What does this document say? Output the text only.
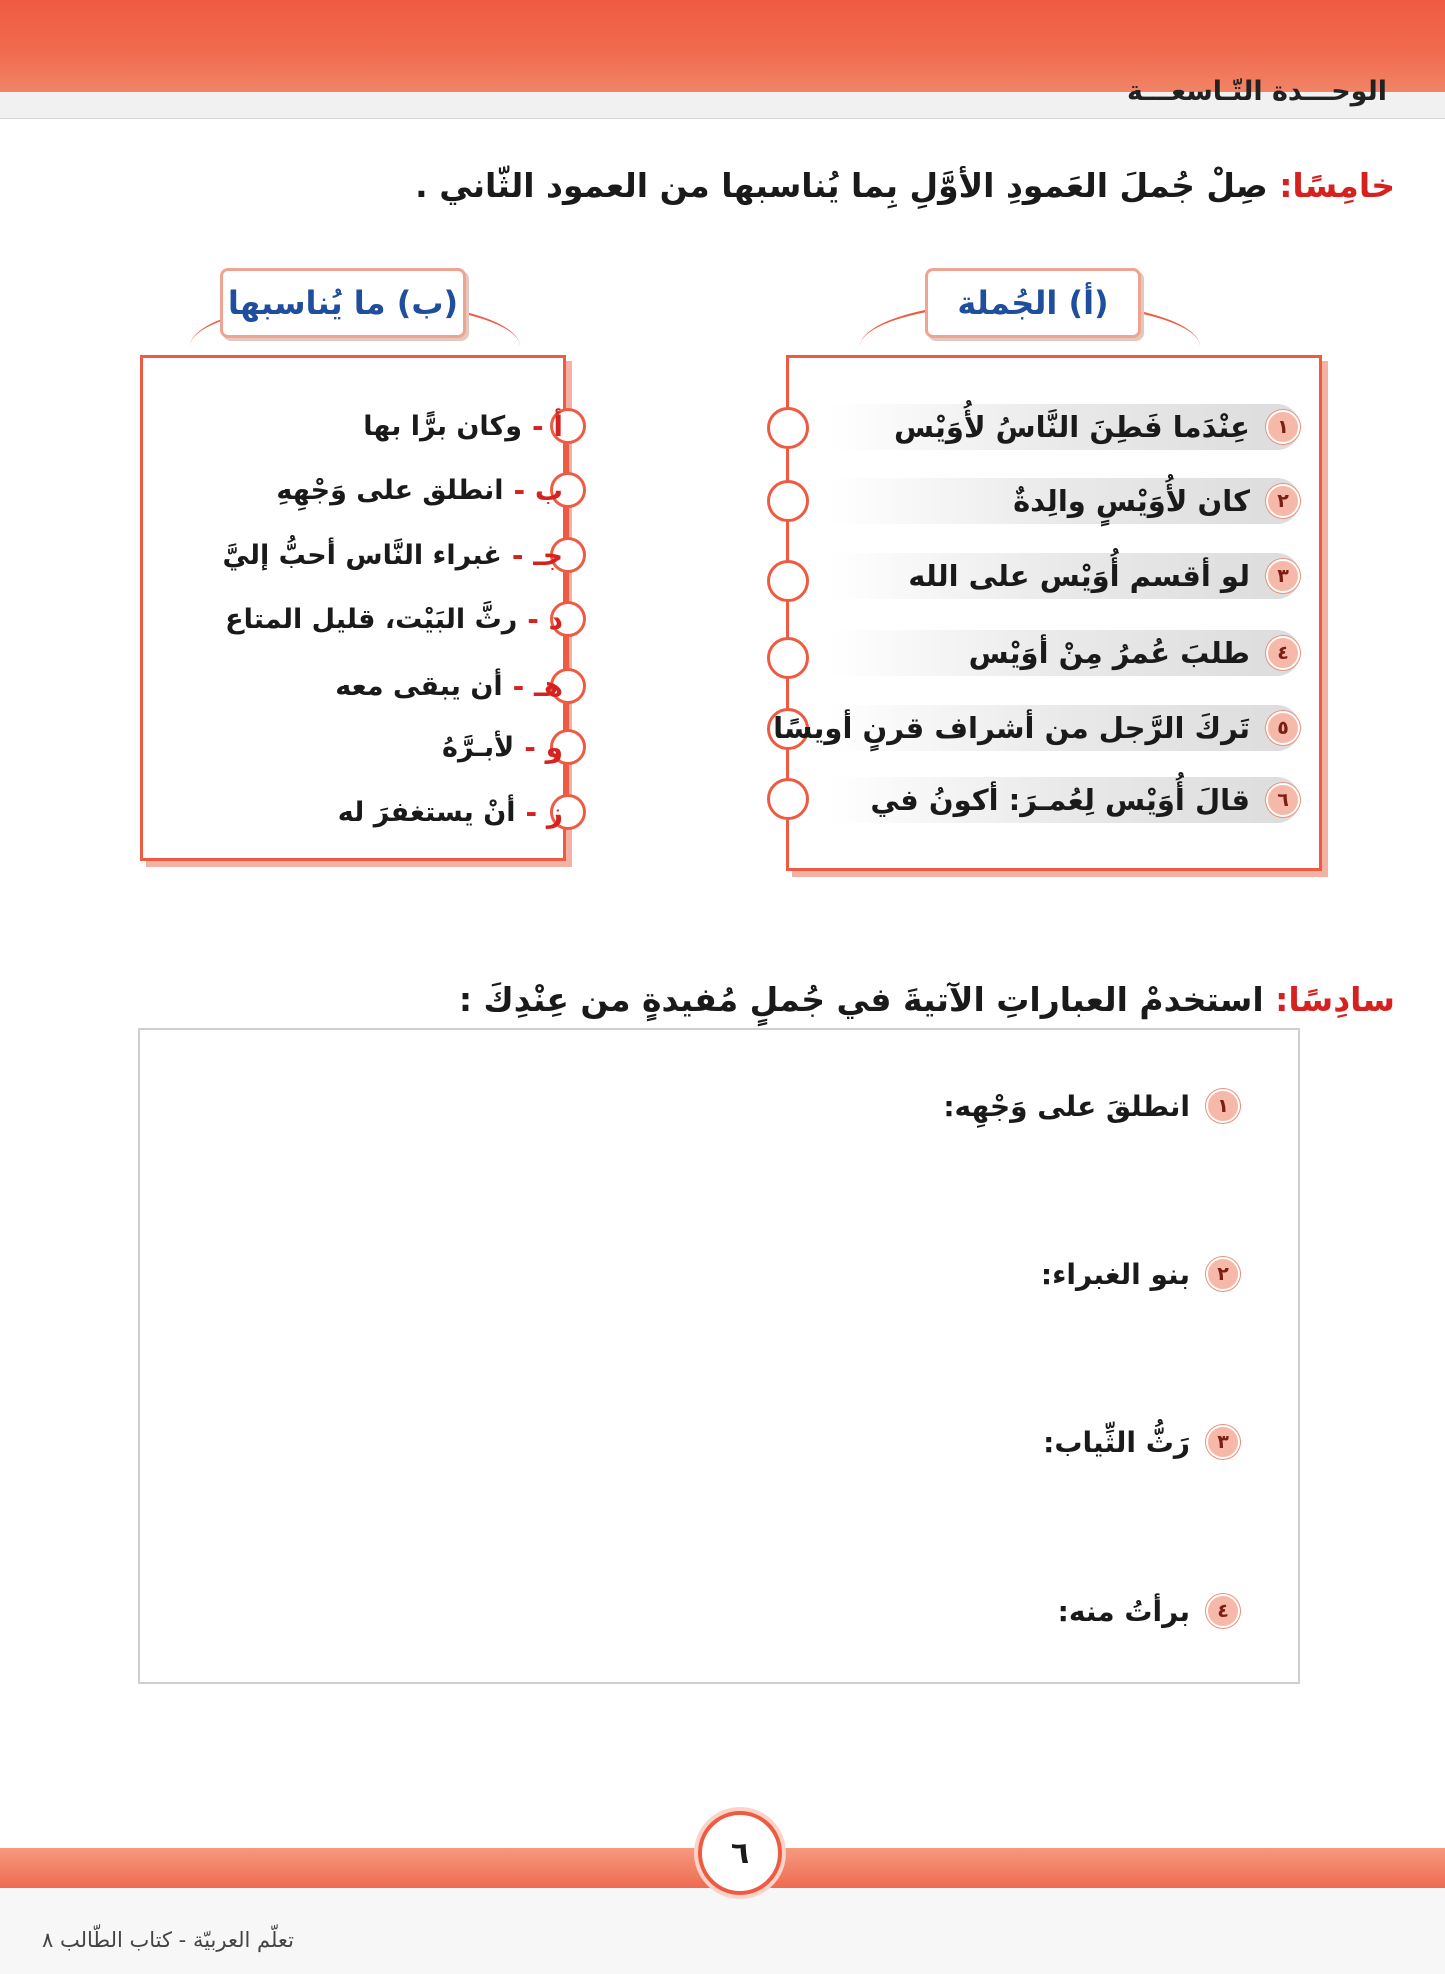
الوحـــدة التّـاسعـــة
خامِسًا: صِلْ جُملَ العَمودِ الأوَّلِ بِما يُناسبها من العمود الثّاني .
(أ) الجُملة
١
عِنْدَما فَطِنَ النَّاسُ لأُوَيْس
٢
كان لأُوَيْسٍ والِدةٌ
٣
لو أقسم أُوَيْس على الله
٤
طلبَ عُمرُ مِنْ أوَيْس
٥
تَركَ الرَّجل من أشراف قرنٍ أويسًا
٦
قالَ أُوَيْس لِعُمـرَ: أكونُ في
(ب) ما يُناسبها
أ -
وكان برًّا بها
ب -
انطلق على وَجْهِهِ
جـ -
غبراء النَّاس أحبُّ إليَّ
د -
رثَّ البَيْت، قليل المتاع
هـ -
أن يبقى معه
و -
لأبـرَّهُ
ز -
أنْ يستغفرَ له
سادِسًا: استخدمْ العباراتِ الآتيةَ في جُملٍ مُفيدةٍ من عِنْدِكَ :
١
انطلقَ على وَجْهِه:
٢
بنو الغبراء:
٣
رَثُّ الثِّياب:
٤
برأتُ منه:
٦
تعلّم العربيّة - كتاب الطّالب ٨
